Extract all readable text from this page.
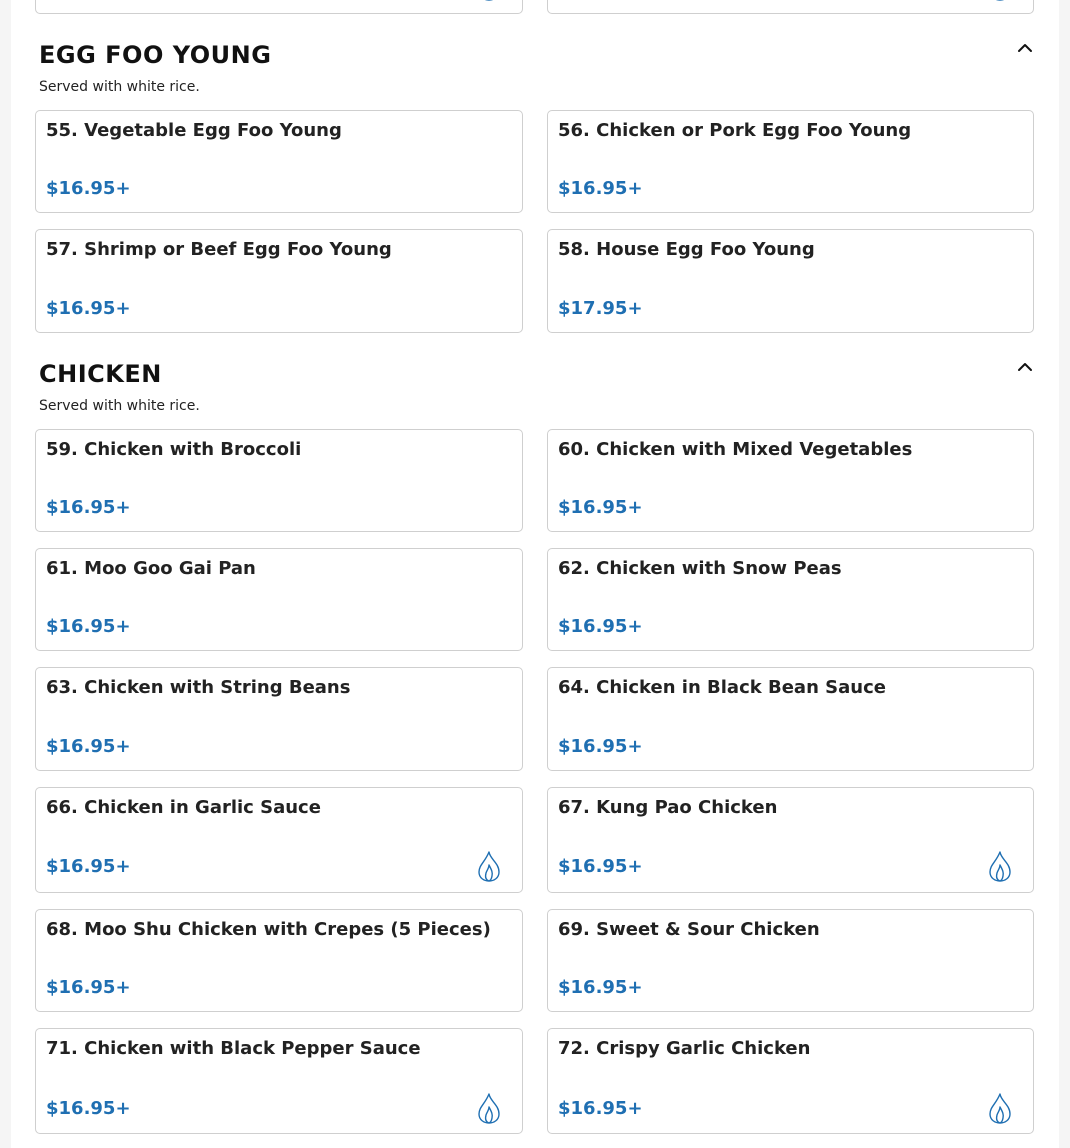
EGG FOO YOUNG
Served with white rice.
55. Vegetable Egg Foo Young
$16.95+
56. Chicken or Pork Egg Foo Young
$16.95+
57. Shrimp or Beef Egg Foo Young
$16.95+
58. House Egg Foo Young
$17.95+
CHICKEN
Served with white rice.
59. Chicken with Broccoli
$16.95+
60. Chicken with Mixed Vegetables
$16.95+
61. Moo Goo Gai Pan
$16.95+
62. Chicken with Snow Peas
$16.95+
63. Chicken with String Beans
$16.95+
64. Chicken in Black Bean Sauce
$16.95+
66. Chicken in Garlic Sauce
$16.95+
67. Kung Pao Chicken
$16.95+
68. Moo Shu Chicken with Crepes (5 Pieces)
$16.95+
69. Sweet & Sour Chicken
$16.95+
71. Chicken with Black Pepper Sauce
$16.95+
72. Crispy Garlic Chicken
$16.95+
